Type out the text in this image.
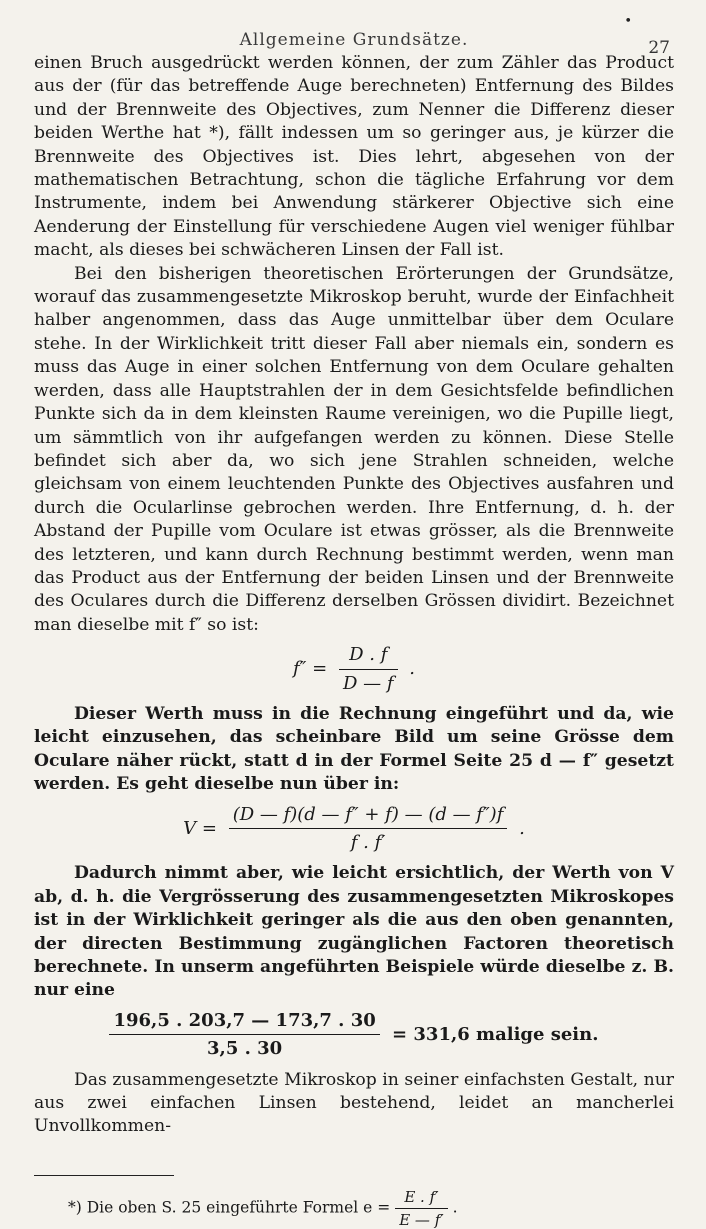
•
Allgemeine Grundsätze.	27

einen Bruch ausgedrückt werden können, der zum Zähler das Product aus der (für das betreffende Auge berechneten) Entfernung des Bildes und der Brennweite des Objectives, zum Nenner die Differenz dieser beiden Werthe hat *), fällt indessen um so geringer aus, je kürzer die Brennweite des Objectives ist. Dies lehrt, abgesehen von der mathematischen Betrachtung, schon die tägliche Erfahrung vor dem Instrumente, indem bei Anwendung stärkerer Objective sich eine Aenderung der Einstellung für verschiedene Augen viel weniger fühlbar macht, als dieses bei schwächeren Linsen der Fall ist.

Bei den bisherigen theoretischen Erörterungen der Grundsätze, worauf das zusammengesetzte Mikroskop beruht, wurde der Einfachheit halber angenommen, dass das Auge unmittelbar über dem Oculare stehe. In der Wirklichkeit tritt dieser Fall aber niemals ein, sondern es muss das Auge in einer solchen Entfernung von dem Oculare gehalten werden, dass alle Hauptstrahlen der in dem Gesichtsfelde befindlichen Punkte sich da in dem kleinsten Raume vereinigen, wo die Pupille liegt, um sämmtlich von ihr aufgefangen werden zu können. Diese Stelle befindet sich aber da, wo sich jene Strahlen schneiden, welche gleichsam von einem leuchtenden Punkte des Objectives ausfahren und durch die Ocularlinse gebrochen werden. Ihre Entfernung, d. h. der Abstand der Pupille vom Oculare ist etwas grösser, als die Brennweite des letzteren, und kann durch Rechnung bestimmt werden, wenn man das Product aus der Entfernung der beiden Linsen und der Brennweite des Oculares durch die Differenz derselben Grössen dividirt. Bezeichnet man dieselbe mit f″ so ist:

$f'' = \frac{D . f}{D — f}$ .

Dieser Werth muss in die Rechnung eingeführt und da, wie leicht einzusehen, das scheinbare Bild um seine Grösse dem Oculare näher rückt, statt d in der Formel Seite 25 d — f″ gesetzt werden. Es geht dieselbe nun über in:

$V = \frac{(D — f)(d — f'' + f) — (d — f'')f}{f . f'}$ .

Dadurch nimmt aber, wie leicht ersichtlich, der Werth von V ab, d. h. die Vergrösserung des zusammengesetzten Mikroskopes ist in der Wirklichkeit geringer als die aus den oben genannten, der directen Bestimmung zugänglichen Factoren theoretisch berechnete. In unserm angeführten Beispiele würde dieselbe z. B. nur eine

$\frac{196,5 . 203,7 — 173,7 . 30}{3,5 . 30} = 331,6$ malige sein.

Das zusammengesetzte Mikroskop in seiner einfachsten Gestalt, nur aus zwei einfachen Linsen bestehend, leidet an mancherlei Unvollkommen-

*) Die oben S. 25 eingeführte Formel $e = \frac{E . f'}{E — f'}$ .
